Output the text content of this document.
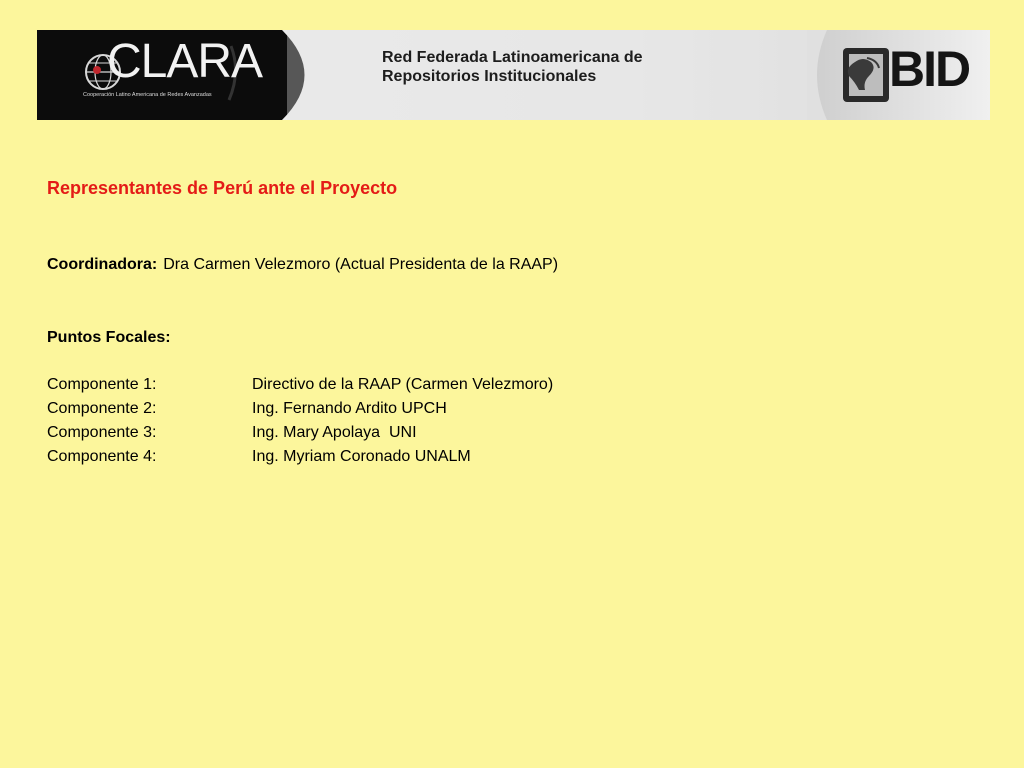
CLARA
Cooperación Latino Americana de Redes Avanzadas
Red Federada Latinoamericana de
Repositorios Institucionales	BID
Representantes de Perú ante el Proyecto
Coordinadora: Dra Carmen Velezmoro (Actual Presidenta de la RAAP)
Puntos Focales:
Componente 1:	Directivo de la RAAP (Carmen Velezmoro)
Componente 2:	Ing. Fernando Ardito UPCH
Componente 3:	Ing. Mary Apolaya  UNI
Componente 4:	Ing. Myriam Coronado UNALM
